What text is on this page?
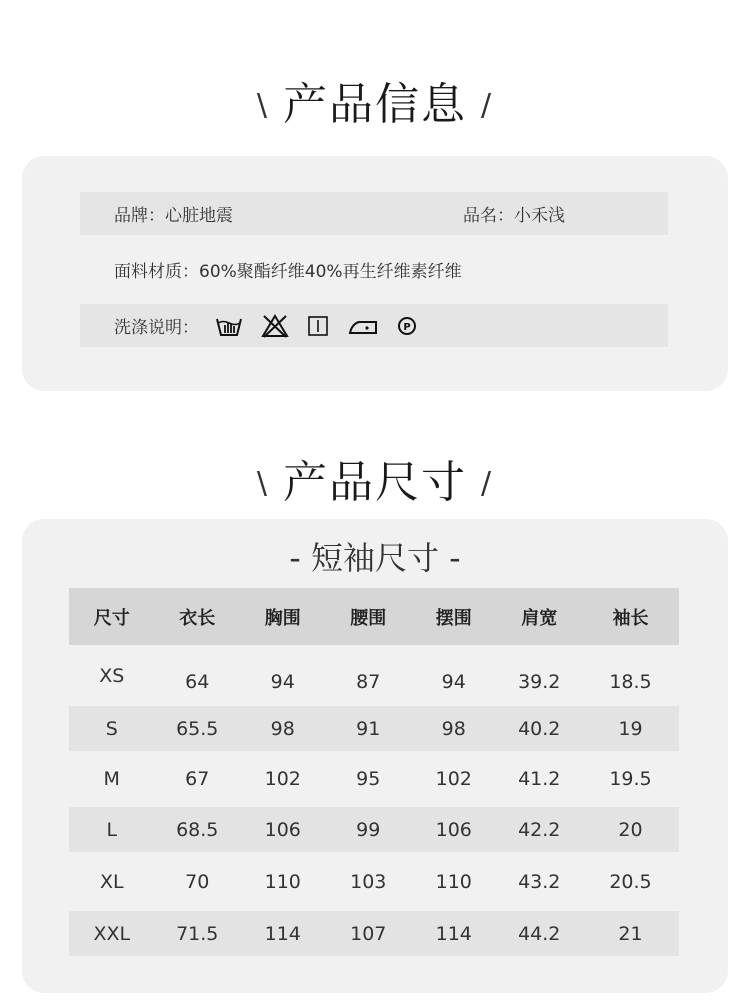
\ 产品信息 /
品牌：心脏地震	品名：小禾浅
面料材质：60%聚酯纤维40%再生纤维素纤维
洗涤说明：	P
\ 产品尺寸 /
- 短袖尺寸 -
尺寸	衣长	胸围	腰围	摆围	肩宽	袖长
XS	64	94	87	94	39.2	18.5
S	65.5	98	91	98	40.2	19
M	67	102	95	102	41.2	19.5
L	68.5	106	99	106	42.2	20
XL	70	110	103	110	43.2	20.5
XXL	71.5	114	107	114	44.2	21
